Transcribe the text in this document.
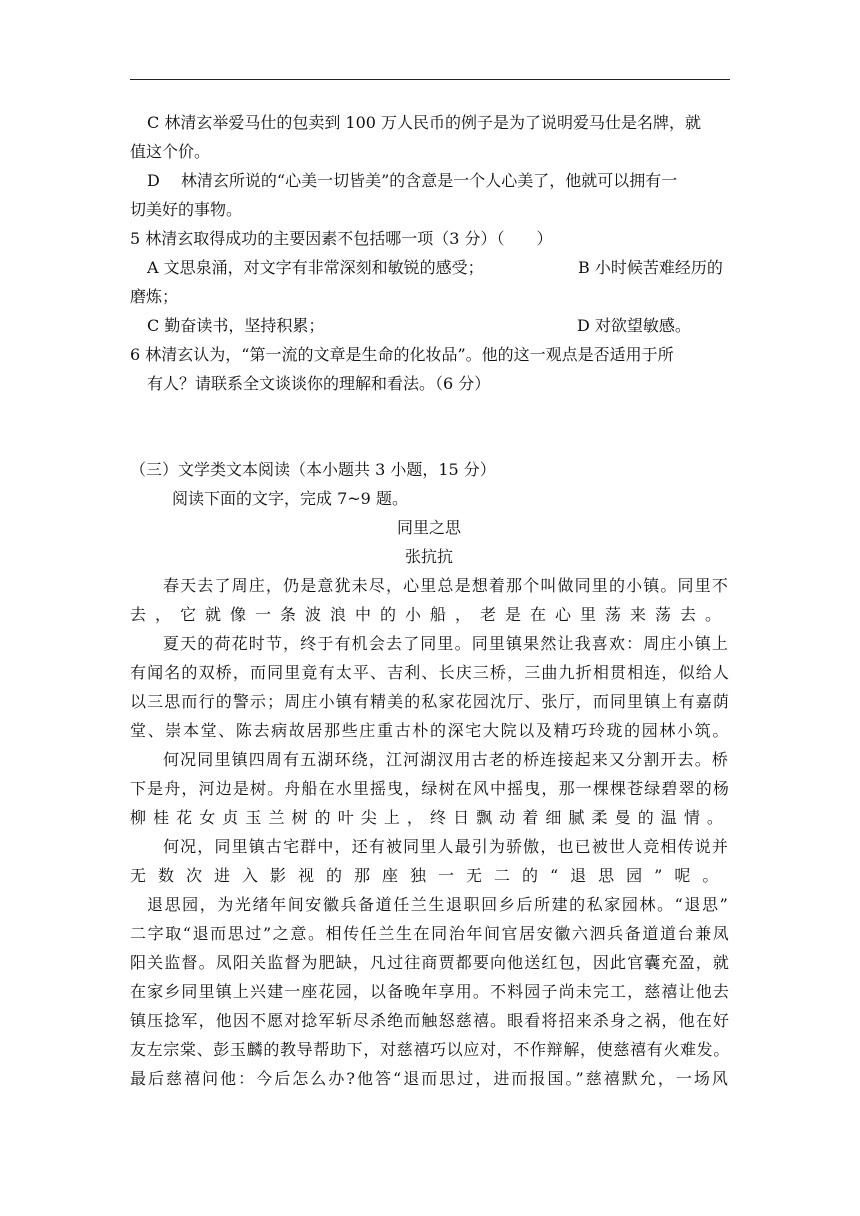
C 林清玄举爱马仕的包卖到 100 万人民币的例子是为了说明爱马仕是名牌，就
值这个价。
D 　林清玄所说的“心美一切皆美”的含意是一个人心美了，他就可以拥有一
切美好的事物。
5 林清玄取得成功的主要因素不包括哪一项（3 分）（　　）
A 文思泉涌，对文字有非常深刻和敏锐的感受；	B 小时候苦难经历的
磨炼；
C 勤奋读书，坚持积累；	D 对欲望敏感。
6 林清玄认为，“第一流的文章是生命的化妆品”。他的这一观点是否适用于所
有人？请联系全文谈谈你的理解和看法。（6 分）
（三）文学类文本阅读（本小题共 3 小题，15 分）
阅读下面的文字，完成 7~9 题。
同里之思
张抗抗
春天去了周庄，仍是意犹未尽，心里总是想着那个叫做同里的小镇。同里不
去，它就像一条波浪中的小船，老是在心里荡来荡去。
夏天的荷花时节，终于有机会去了同里。同里镇果然让我喜欢：周庄小镇上
有闻名的双桥，而同里竟有太平、吉利、长庆三桥，三曲九折相贯相连，似给人
以三思而行的警示；周庄小镇有精美的私家花园沈厅、张厅，而同里镇上有嘉荫
堂、崇本堂、陈去病故居那些庄重古朴的深宅大院以及精巧玲珑的园林小筑。
何况同里镇四周有五湖环绕，江河湖汊用古老的桥连接起来又分割开去。桥
下是舟，河边是树。舟船在水里摇曳，绿树在风中摇曳，那一棵棵苍绿碧翠的杨
柳桂花女贞玉兰树的叶尖上，终日飘动着细腻柔曼的温情。
何况，同里镇古宅群中，还有被同里人最引为骄傲，也已被世人竞相传说并
无数次进入影视的那座独一无二的“退思园”呢。
退思园，为光绪年间安徽兵备道任兰生退职回乡后所建的私家园林。“退思”
二字取“退而思过”之意。相传任兰生在同治年间官居安徽六泗兵备道道台兼凤
阳关监督。凤阳关监督为肥缺，凡过往商贾都要向他送红包，因此官囊充盈，就
在家乡同里镇上兴建一座花园，以备晚年享用。不料园子尚未完工，慈禧让他去
镇压捻军，他因不愿对捻军斩尽杀绝而触怒慈禧。眼看将招来杀身之祸，他在好
友左宗棠、彭玉麟的教导帮助下，对慈禧巧以应对，不作辩解，使慈禧有火难发。
最后慈禧问他：今后怎么办?他答“退而思过，进而报国。”慈禧默允，一场风
